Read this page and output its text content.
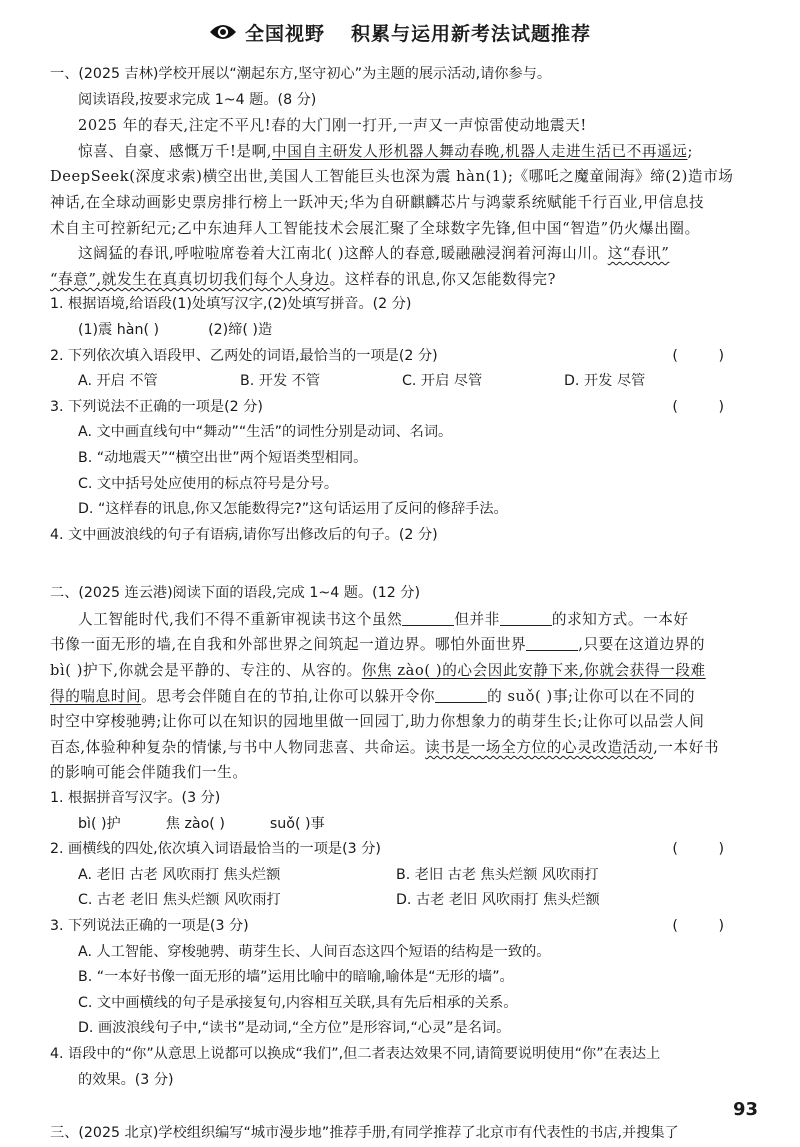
全国视野 积累与运用新考法试题推荐
一、(2025 吉林)学校开展以“潮起东方,坚守初心”为主题的展示活动,请你参与。
阅读语段,按要求完成 1~4 题。(8 分)
2025 年的春天,注定不平凡!春的大门刚一打开,一声又一声惊雷使动地震天!
惊喜、自豪、感慨万千!是啊,中国自主研发人形机器人舞动春晚,机器人走进生活已不再遥远;
DeepSeek(深度求索)横空出世,美国人工智能巨头也深为震 hàn(1);《哪吒之魔童闹海》缔(2)造市场
神话,在全球动画影史票房排行榜上一跃冲天;华为自研麒麟芯片与鸿蒙系统赋能千行百业,甲信息技
术自主可控新纪元;乙中东迪拜人工智能技术会展汇聚了全球数字先锋,但中国“智造”仍火爆出圈。
这阔猛的春讯,呼啦啦席卷着大江南北( )这醉人的春意,暖融融浸润着河海山川。这“春讯”
“春意”,就发生在真真切切我们每个人身边。这样春的讯息,你又怎能数得完?
1. 根据语境,给语段(1)处填写汉字,(2)处填写拼音。(2 分)
(1)震 hàn( )	(2)缔( )造
2. 下列依次填入语段甲、乙两处的词语,最恰当的一项是(2 分)	( )
A. 开启 不管	B. 开发 不管	C. 开启 尽管	D. 开发 尽管
3. 下列说法不正确的一项是(2 分)	( )
A. 文中画直线句中“舞动”“生活”的词性分别是动词、名词。
B. “动地震天”“横空出世”两个短语类型相同。
C. 文中括号处应使用的标点符号是分号。
D. “这样春的讯息,你又怎能数得完?”这句话运用了反问的修辞手法。
4. 文中画波浪线的句子有语病,请你写出修改后的句子。(2 分)
二、(2025 连云港)阅读下面的语段,完成 1~4 题。(12 分)
人工智能时代,我们不得不重新审视读书这个虽然	但并非	的求知方式。一本好
书像一面无形的墙,在自我和外部世界之间筑起一道边界。哪怕外面世界	,只要在这道边界的
bì( )护下,你就会是平静的、专注的、从容的。你焦 zào( )的心会因此安静下来,你就会获得一段难
得的喘息时间。思考会伴随自在的节拍,让你可以躲开令你	的 suǒ( )事;让你可以在不同的
时空中穿梭驰骋;让你可以在知识的园地里做一回园丁,助力你想象力的萌芽生长;让你可以品尝人间
百态,体验种种复杂的情愫,与书中人物同悲喜、共命运。读书是一场全方位的心灵改造活动,一本好书
的影响可能会伴随我们一生。
1. 根据拼音写汉字。(3 分)
bì( )护	焦 zào( )	suǒ( )事
2. 画横线的四处,依次填入词语最恰当的一项是(3 分)	( )
A. 老旧 古老 风吹雨打 焦头烂额	B. 老旧 古老 焦头烂额 风吹雨打
C. 古老 老旧 焦头烂额 风吹雨打	D. 古老 老旧 风吹雨打 焦头烂额
3. 下列说法正确的一项是(3 分)	( )
A. 人工智能、穿梭驰骋、萌芽生长、人间百态这四个短语的结构是一致的。
B. “一本好书像一面无形的墙”运用比喻中的暗喻,喻体是“无形的墙”。
C. 文中画横线的句子是承接复句,内容相互关联,具有先后相承的关系。
D. 画波浪线句子中,“读书”是动词,“全方位”是形容词,“心灵”是名词。
4. 语段中的“你”从意思上说都可以换成“我们”,但二者表达效果不同,请简要说明使用“你”在表达上
的效果。(3 分)
三、(2025 北京)学校组织编写“城市漫步地”推荐手册,有同学推荐了北京市有代表性的书店,并搜集了
93
